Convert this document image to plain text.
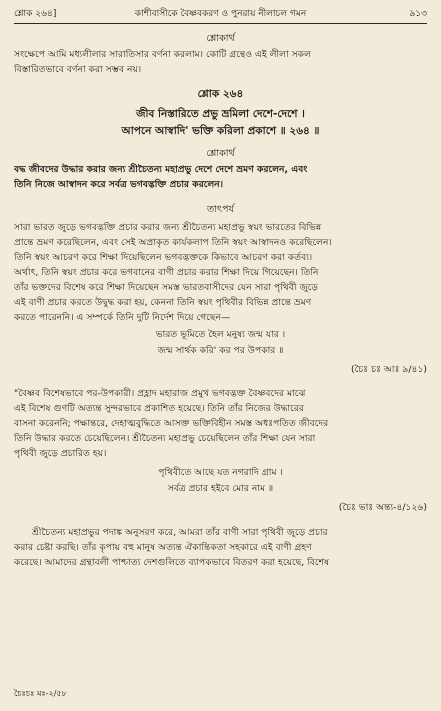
শ্লোক ২৬৪]	কাশীবাসীকে বৈষ্ণবকরণ ও পুনরায় নীলাচল গমন	৯১৩
শ্লোকার্থ
সংক্ষেপে আমি মধ্যলীলার সারাতিসার বর্ণনা করলাম। কোটি গ্রন্থেও এই লীলা সকল
বিস্তারিতভাবে বর্ণনা করা সম্ভব নয়।
শ্লোক ২৬৪
জীব নিস্তারিতে প্রভু ভ্রমিলা দেশে-দেশে ।
আপনে আস্বাদি' ভক্তি করিলা প্রকাশে ॥ ২৬৪ ॥
শ্লোকার্থ
বদ্ধ জীবদের উদ্ধার করার জন্য শ্রীচৈতন্য মহাপ্রভু দেশে দেশে ভ্রমণ করলেন, এবং
তিনি নিজে আস্বাদন করে সর্বত্র ভগবদ্ভক্তি প্রচার করলেন।
তাৎপর্য
সারা ভারত জুড়ে ভগবদ্ভক্তি প্রচার করার জন্য শ্রীচৈতন্য মহাপ্রভু স্বয়ং ভারতের বিভিন্ন
প্রান্তে ভ্রমণ করেছিলেন, এবং সেই অপ্রাকৃত কার্যকলাপ তিনি স্বয়ং আস্বাদনও করেছিলেন।
তিনি স্বয়ং আচরণ করে শিক্ষা দিয়েছিলেন ভগবদ্ভক্তকে কিভাবে আচরণ করা কর্তব্য।
অর্থাৎ, তিনি স্বয়ং প্রচার করে ভগবানের বাণী প্রচার করার শিক্ষা দিয়ে গিয়েছেন। তিনি
তাঁর ভক্তদের বিশেষ করে শিক্ষা দিয়েছেন সমস্ত ভারতবাসীদের যেন সারা পৃথিবী জুড়ে
এই বাণী প্রচার করতে উদ্বুদ্ধ করা হয়, কেননা তিনি স্বয়ং পৃথিবীর বিভিন্ন প্রান্তে ভ্রমণ
করতে পারেননি। এ সম্পর্কে তিনি দুটি নির্দেশ দিয়ে গেছেন—
ভারত ভূমিতে হৈল মনুষ্য জন্ম যার ।
জন্ম সার্থক করি' কর পর উপকার ॥
(চৈঃ চঃ আঃ ৯/৪১)
"বৈষ্ণব বিশেষভাবে পর-উপকারী। প্রহ্লাদ মহারাজ প্রমুখ ভগবদ্ভক্ত বৈষ্ণবদের মাঝে
এই বিশেষ গুণটি অত্যন্ত সুন্দরভাবে প্রকাশিত হয়েছে। তিনি তাঁর নিজের উদ্ধারের
বাসনা করেননি; পক্ষান্তরে, দেহাত্মবুদ্ধিতে আসক্ত ভক্তিবিহীন সমস্ত অধঃপতিত জীবদের
তিনি উদ্ধার করতে চেয়েছিলেন। শ্রীচৈতন্য মহাপ্রভু চেয়েছিলেন তাঁর শিক্ষা যেন সারা
পৃথিবী জুড়ে প্রচারিত হয়।
পৃথিবীতে আছে যত নগরাদি গ্রাম ।
সর্বত্র প্রচার হইবে মোর নাম ॥
(চৈঃ ভাঃ অন্ত্য-৪/১২৬)
শ্রীচৈতন্য মহাপ্রভুর পদাঙ্ক অনুসরণ করে, আমরা তাঁর বাণী সারা পৃথিবী জুড়ে প্রচার
করার চেষ্টা করছি। তাঁর কৃপায় বহু মানুষ অত্যন্ত ঐকান্তিকতা সহকারে এই বাণী গ্রহণ
করেছে। আমাদের গ্রন্থাবলী পাশ্চাত্য দেশগুলিতে ব্যাপকভাবে বিতরণ করা হয়েছে, বিশেষ
চৈঃচঃ মঃ-২/৫৮
